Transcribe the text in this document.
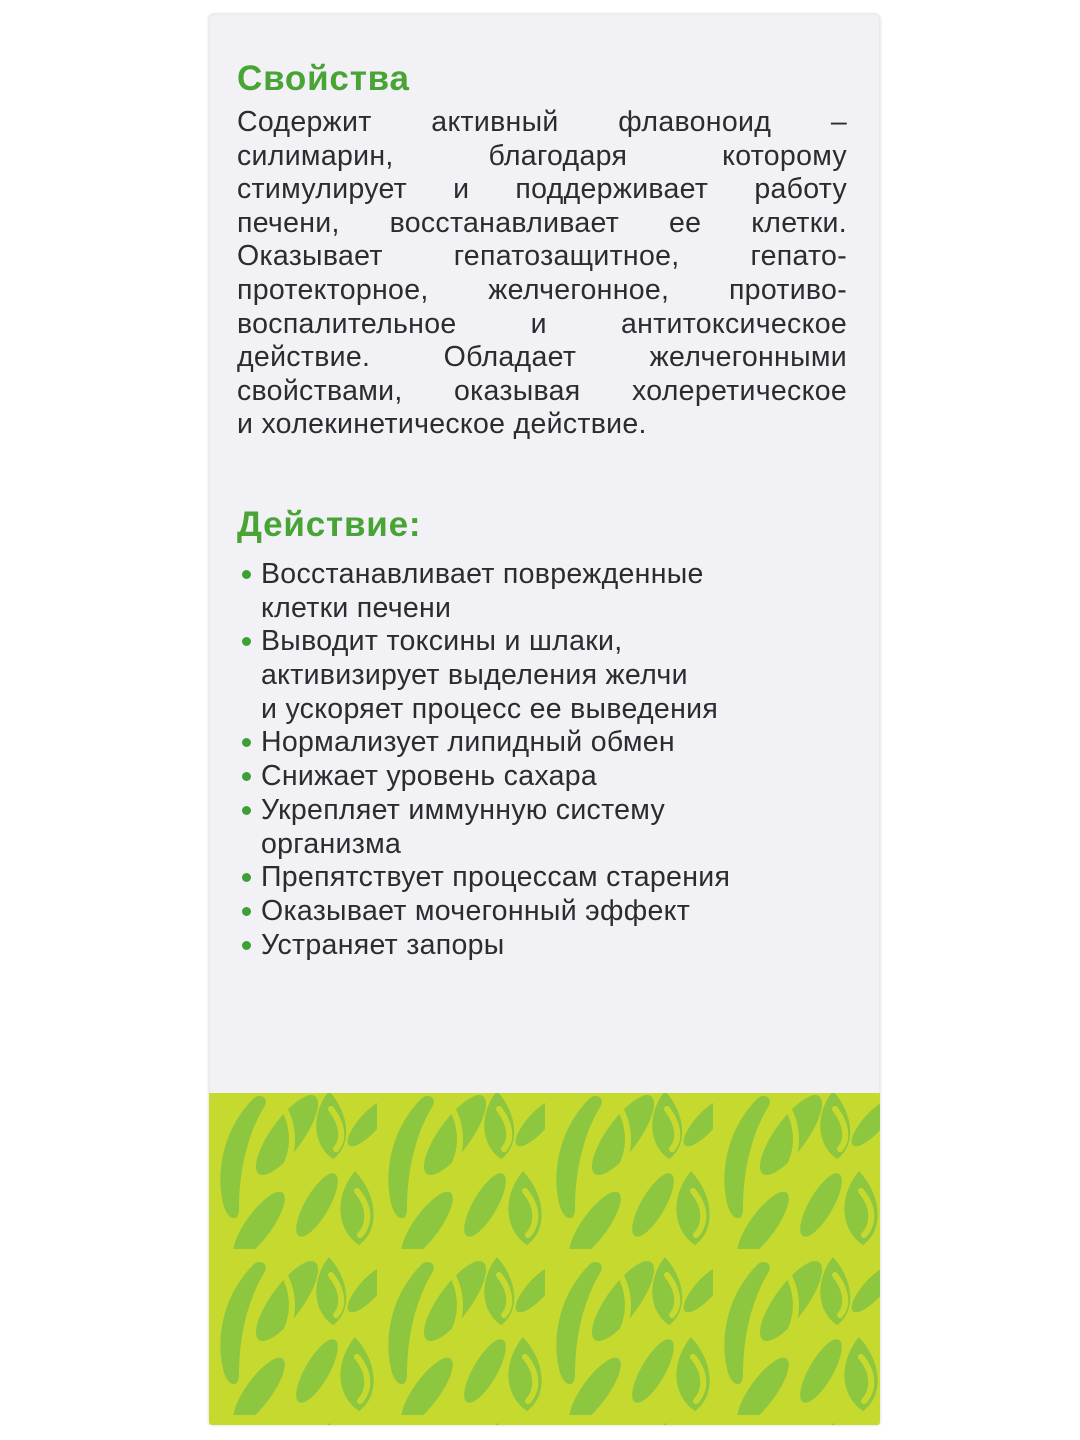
Свойства
Содержит активный флавоноид –
силимарин, благодаря которому
стимулирует и поддерживает работу
печени, восстанавливает ее клетки.
Оказывает гепатозащитное, гепато-
протекторное, желчегонное, противо-
воспалительное и антитоксическое
действие. Обладает желчегонными
свойствами, оказывая холеретическое
и холекинетическое действие.
Действие:
Восстанавливает поврежденные
клетки печени
Выводит токсины и шлаки,
активизирует выделения желчи
и ускоряет процесс ее выведения
Нормализует липидный обмен
Снижает уровень сахара
Укрепляет иммунную систему
организма
Препятствует процессам старения
Оказывает мочегонный эффект
Устраняет запоры
